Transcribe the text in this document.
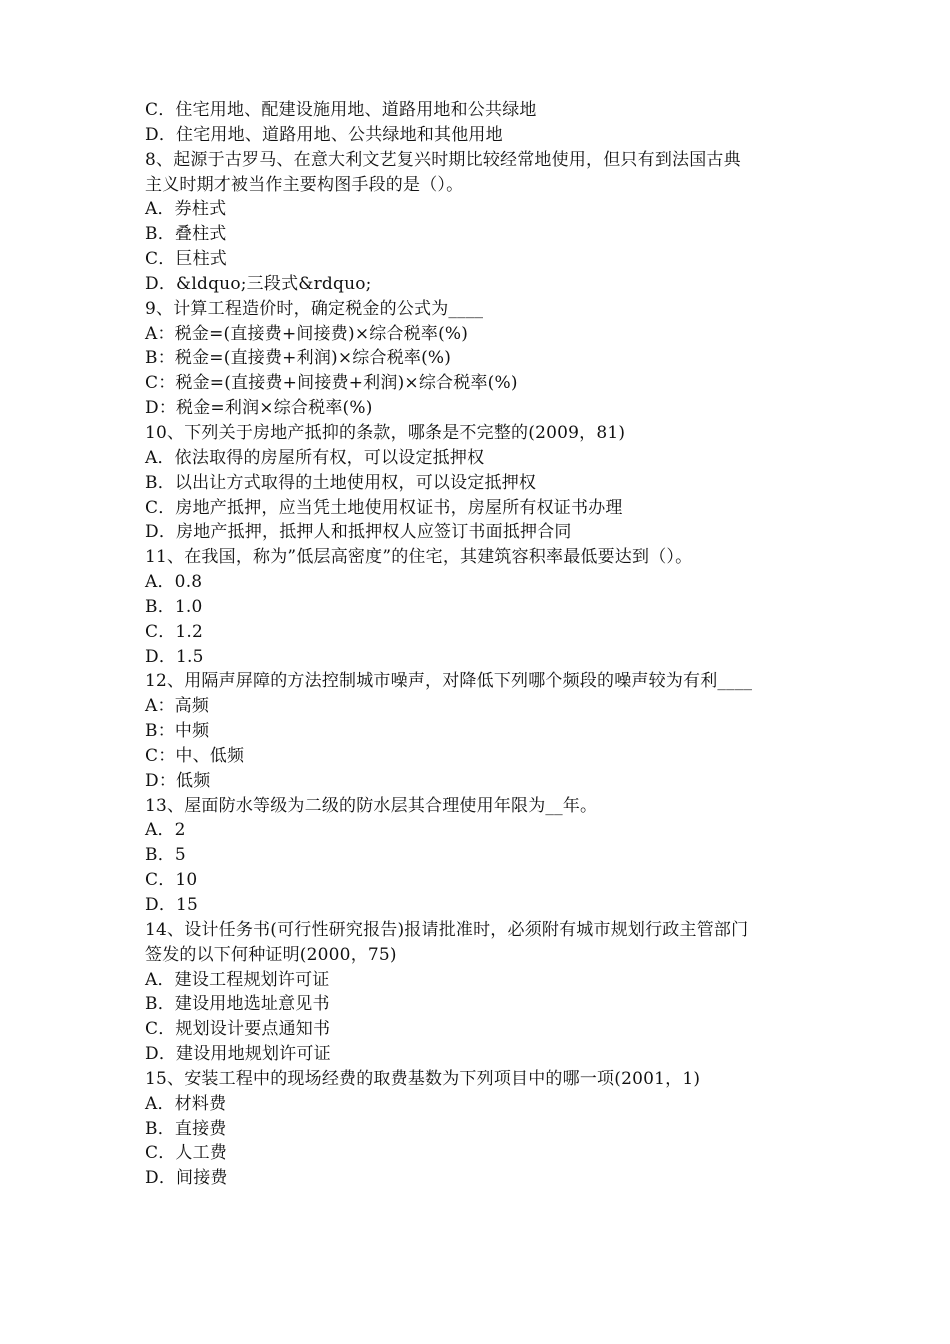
C．住宅用地、配建设施用地、道路用地和公共绿地
D．住宅用地、道路用地、公共绿地和其他用地
8、起源于古罗马、在意大利文艺复兴时期比较经常地使用，但只有到法国古典
主义时期才被当作主要构图手段的是（）。
A．券柱式
B．叠柱式
C．巨柱式
D．&ldquo;三段式&rdquo;
9、计算工程造价时，确定税金的公式为____
A：税金=(直接费+间接费)×综合税率(%)
B：税金=(直接费+利润)×综合税率(%)
C：税金=(直接费+间接费+利润)×综合税率(%)
D：税金=利润×综合税率(%)
10、下列关于房地产抵抑的条款，哪条是不完整的(2009，81)
A．依法取得的房屋所有权，可以设定抵押权
B．以出让方式取得的土地使用权，可以设定抵押权
C．房地产抵押，应当凭土地使用权证书，房屋所有权证书办理
D．房地产抵押，抵押人和抵押权人应签订书面抵押合同
11、在我国，称为”低层高密度”的住宅，其建筑容积率最低要达到（）。
A．0.8
B．1.0
C．1.2
D．1.5
12、用隔声屏障的方法控制城市噪声，对降低下列哪个频段的噪声较为有利____
A：高频
B：中频
C：中、低频
D：低频
13、屋面防水等级为二级的防水层其合理使用年限为__年。
A．2
B．5
C．10
D．15
14、设计任务书(可行性研究报告)报请批准时，必须附有城市规划行政主管部门
签发的以下何种证明(2000，75)
A．建设工程规划许可证
B．建设用地选址意见书
C．规划设计要点通知书
D．建设用地规划许可证
15、安装工程中的现场经费的取费基数为下列项目中的哪一项(2001，1)
A．材料费
B．直接费
C．人工费
D．间接费
